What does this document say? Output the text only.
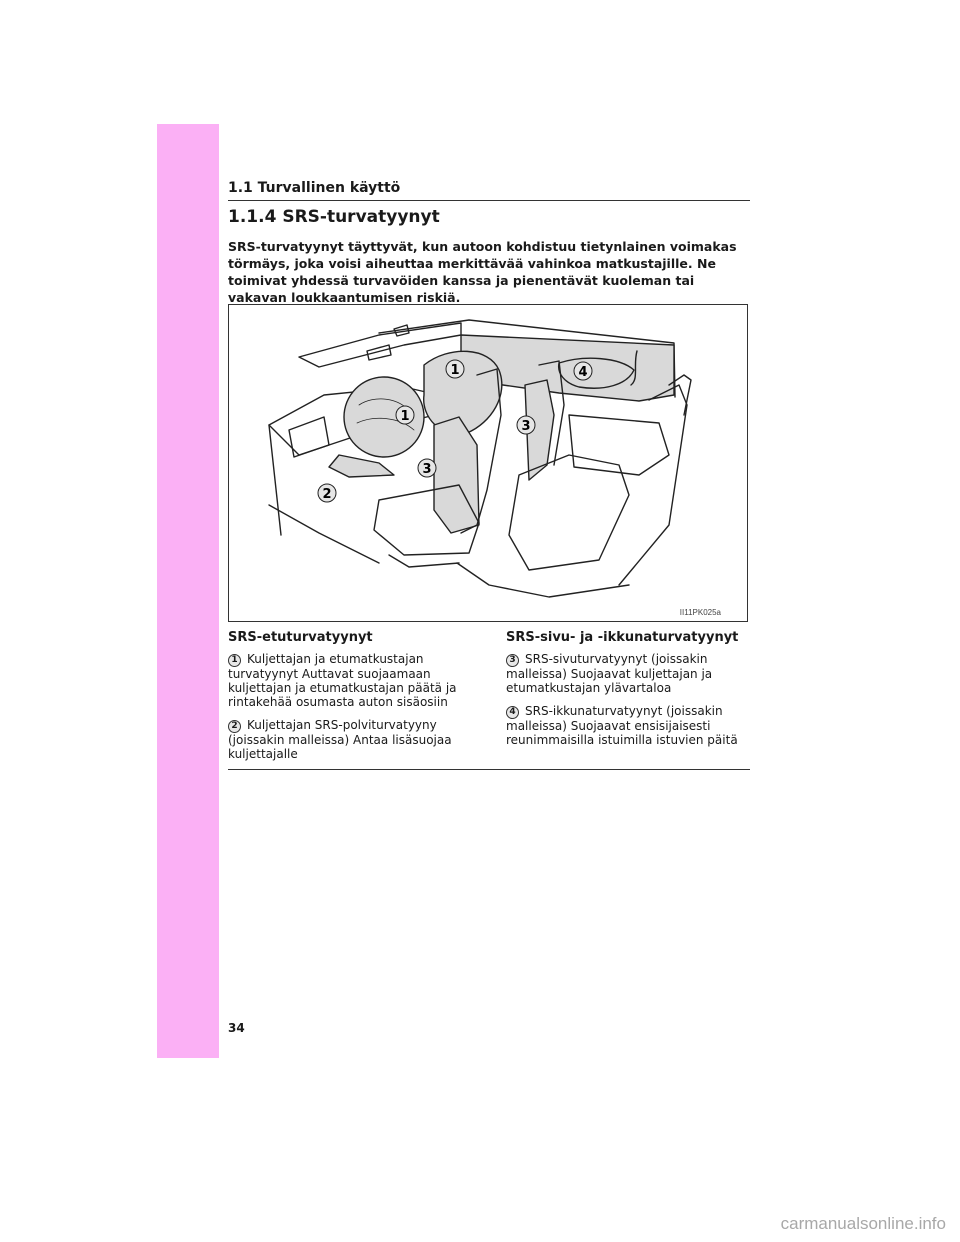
1.1 Turvallinen käyttö
1.1.4 SRS-turvatyynyt

SRS-turvatyynyt täyttyvät, kun autoon kohdistuu tietynlainen voimakas törmäys, joka voisi aiheuttaa merkittävää vahinkoa matkustajille. Ne toimivat yhdessä turvavöiden kanssa ja pienentävät kuoleman tai vakavan loukkaantumisen riskiä.

1
1
2
3
3
4
II11PK025a
SRS-etuturvatyynyt

1 Kuljettajan ja etumatkustajan turvatyynyt Auttavat suojaamaan kuljettajan ja etumatkustajan päätä ja rintakehää osumasta auton sisäosiin

2 Kuljettajan SRS-polviturvatyyny (joissakin malleissa) Antaa lisäsuojaa kuljettajalle

SRS-sivu- ja -ikkunaturvatyynyt

3 SRS-sivuturvatyynyt (joissakin malleissa) Suojaavat kuljettajan ja etumatkustajan ylävartaloa

4 SRS-ikkunaturvatyynyt (joissakin malleissa) Suojaavat ensisijaisesti reunimmaisilla istuimilla istuvien päitä

34
carmanualsonline.info
